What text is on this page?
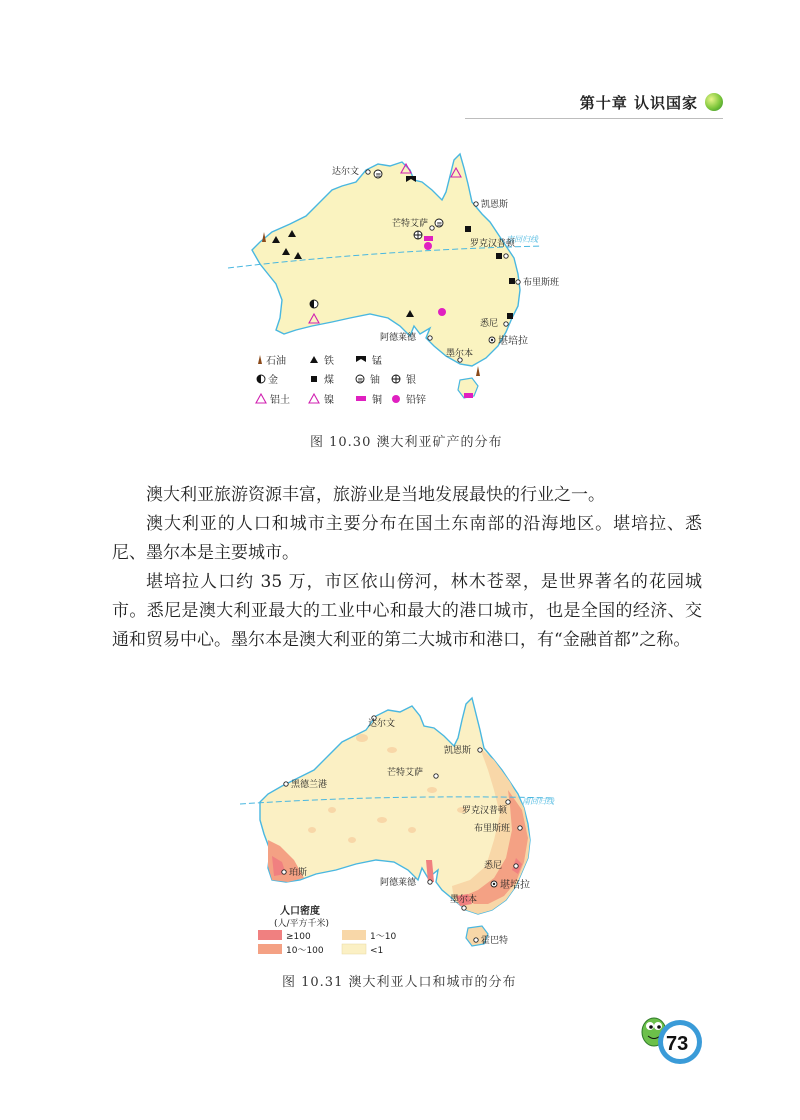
第十章 认识国家
南回归线
达尔文
凯恩斯
芒特艾萨
罗克汉普顿
布里斯班
悉尼
堪培拉
阿德莱德
墨尔本
≡
≡
石油	铁	锰
金	煤	≡ 铀	银
铝土	镍	铜 铅锌
图 10.30 澳大利亚矿产的分布

澳大利亚旅游资源丰富，旅游业是当地发展最快的行业之一。

澳大利亚的人口和城市主要分布在国土东南部的沿海地区。堪培拉、悉尼、墨尔本是主要城市。

堪培拉人口约 35 万，市区依山傍河，林木苍翠，是世界著名的花园城市。悉尼是澳大利亚最大的工业中心和最大的港口城市，也是全国的经济、交通和贸易中心。墨尔本是澳大利亚的第二大城市和港口，有“金融首都”之称。

南回归线
达尔文
凯恩斯
芒特艾萨
黑德兰港
罗克汉普顿
布里斯班
珀斯
悉尼
堪培拉
阿德莱德
墨尔本
霍巴特
人口密度
(人/平方千米)
≥100	1～10
10～100	<1
图 10.31 澳大利亚人口和城市的分布
73
